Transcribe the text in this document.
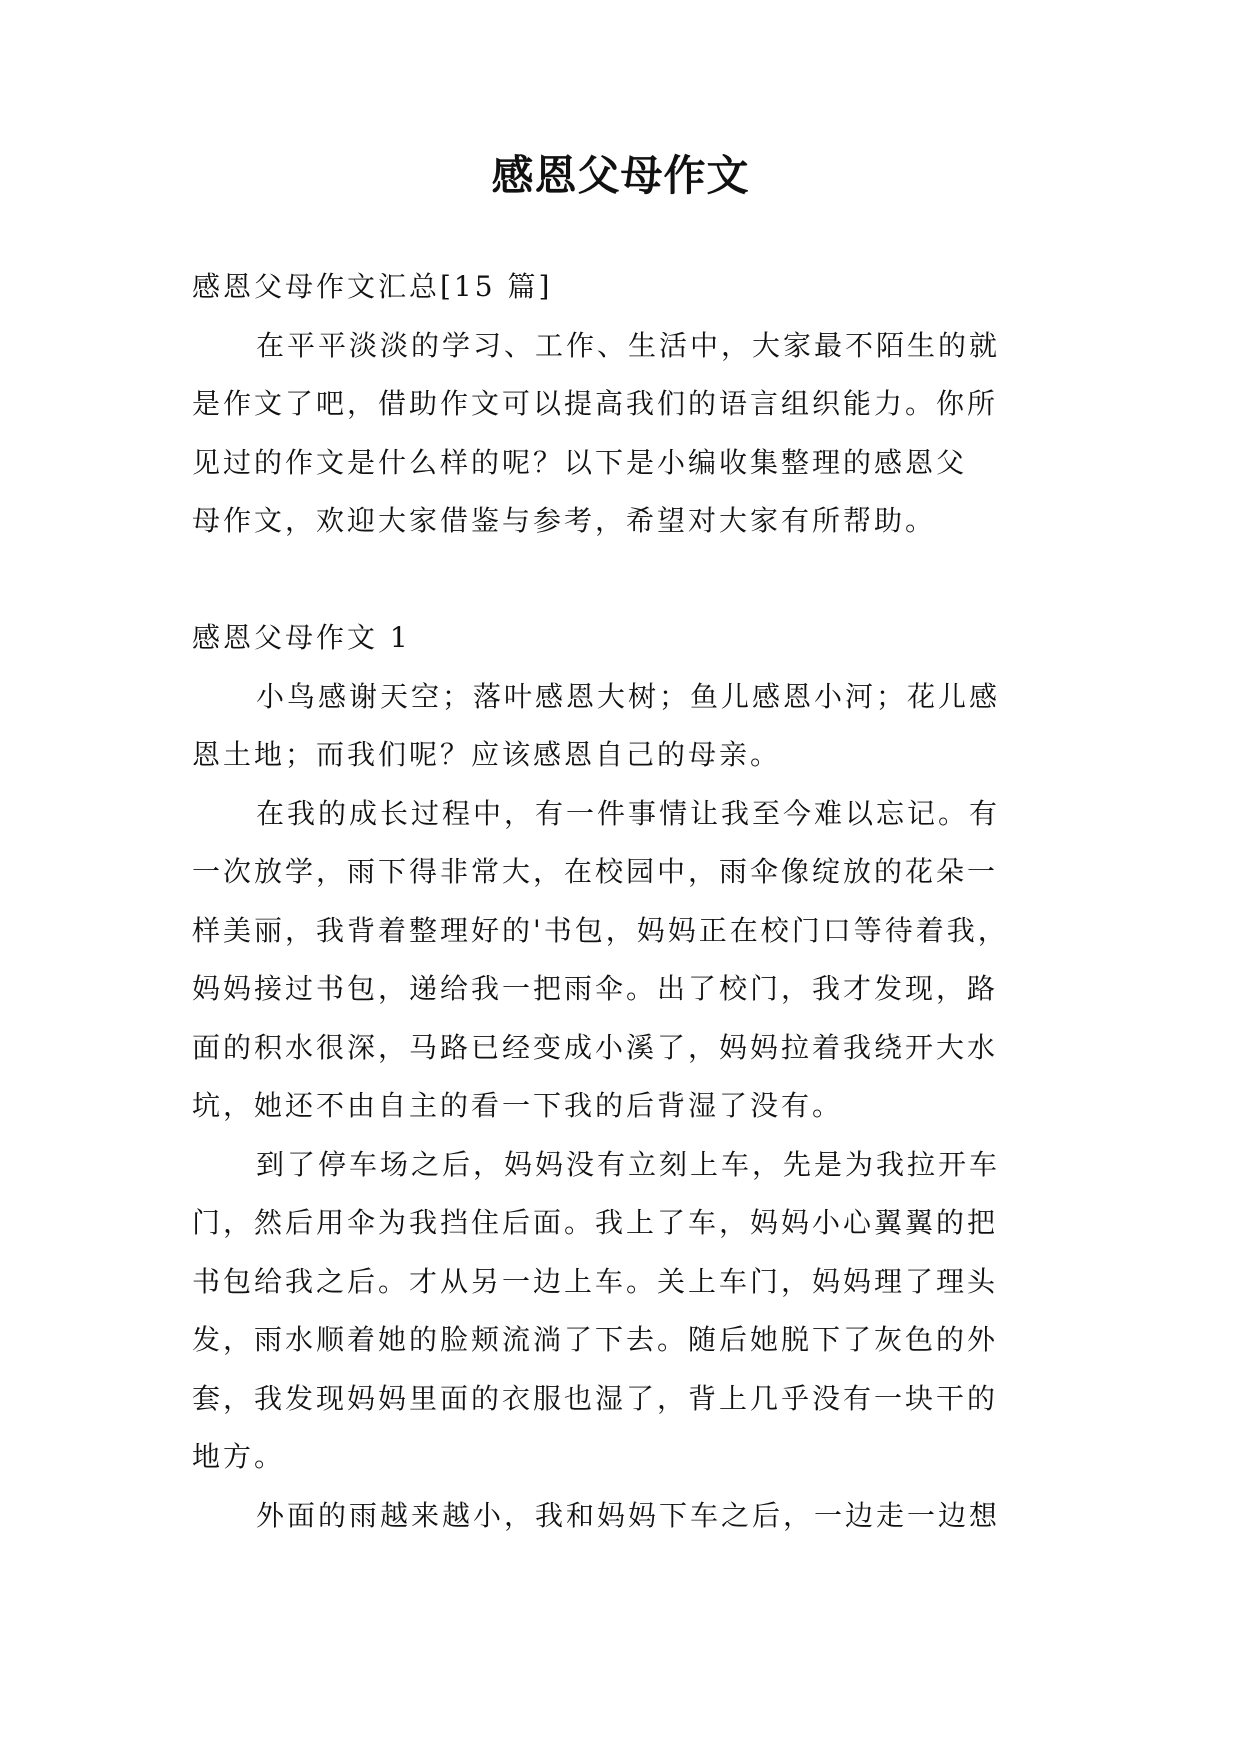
感恩父母作文
感恩父母作文汇总[15 篇]
在平平淡淡的学习、工作、生活中，大家最不陌生的就
是作文了吧，借助作文可以提高我们的语言组织能力。你所
见过的作文是什么样的呢？以下是小编收集整理的感恩父
母作文，欢迎大家借鉴与参考，希望对大家有所帮助。
感恩父母作文 1
小鸟感谢天空；落叶感恩大树；鱼儿感恩小河；花儿感
恩土地；而我们呢？应该感恩自己的母亲。
在我的成长过程中，有一件事情让我至今难以忘记。有
一次放学，雨下得非常大，在校园中，雨伞像绽放的花朵一
样美丽，我背着整理好的'书包，妈妈正在校门口等待着我，
妈妈接过书包，递给我一把雨伞。出了校门，我才发现，路
面的积水很深，马路已经变成小溪了，妈妈拉着我绕开大水
坑，她还不由自主的看一下我的后背湿了没有。
到了停车场之后，妈妈没有立刻上车，先是为我拉开车
门，然后用伞为我挡住后面。我上了车，妈妈小心翼翼的把
书包给我之后。才从另一边上车。关上车门，妈妈理了理头
发，雨水顺着她的脸颊流淌了下去。随后她脱下了灰色的外
套，我发现妈妈里面的衣服也湿了，背上几乎没有一块干的
地方。
外面的雨越来越小，我和妈妈下车之后，一边走一边想
